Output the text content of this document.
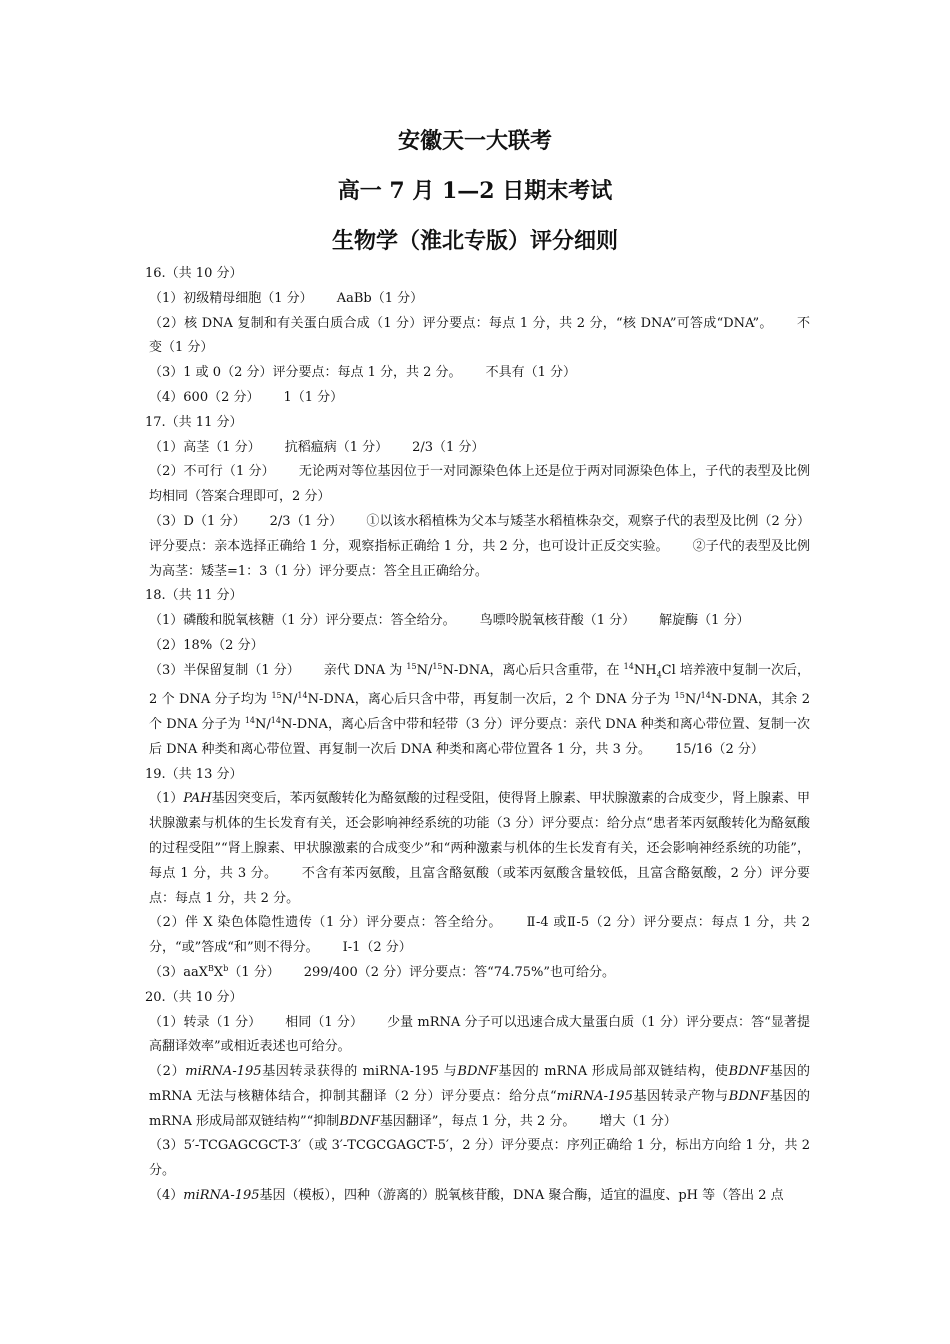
安徽天一大联考

高一 7 月 1—2 日期末考试

生物学（淮北专版）评分细则

16.（共 10 分）

（1）初级精母细胞（1 分） AaBb（1 分）

（2）核 DNA 复制和有关蛋白质合成（1 分）评分要点：每点 1 分，共 2 分，“核 DNA”可答成“DNA”。 不变（1 分）

（3）1 或 0（2 分）评分要点：每点 1 分，共 2 分。 不具有（1 分）

（4）600（2 分） 1（1 分）

17.（共 11 分）

（1）高茎（1 分） 抗稻瘟病（1 分） 2/3（1 分）

（2）不可行（1 分） 无论两对等位基因位于一对同源染色体上还是位于两对同源染色体上，子代的表型及比例均相同（答案合理即可，2 分）

（3）D（1 分） 2/3（1 分） ①以该水稻植株为父本与矮茎水稻植株杂交，观察子代的表型及比例（2 分）评分要点：亲本选择正确给 1 分，观察指标正确给 1 分，共 2 分，也可设计正反交实验。 ②子代的表型及比例为高茎：矮茎=1：3（1 分）评分要点：答全且正确给分。

18.（共 11 分）

（1）磷酸和脱氧核糖（1 分）评分要点：答全给分。 鸟嘌呤脱氧核苷酸（1 分） 解旋酶（1 分）

（2）18%（2 分）

（3）半保留复制（1 分） 亲代 DNA 为 $^{15}$N/$^{15}$N-DNA，离心后只含重带，在 $^{14}NH_4Cl$ 培养液中复制一次后，2 个 DNA 分子均为 $^{15}$N/$^{14}$N-DNA，离心后只含中带，再复制一次后，2 个 DNA 分子为 $^{15}$N/$^{14}$N-DNA，其余 2 个 DNA 分子为 $^{14}$N/$^{14}$N-DNA，离心后含中带和轻带（3 分）评分要点：亲代 DNA 种类和离心带位置、复制一次后 DNA 种类和离心带位置、再复制一次后 DNA 种类和离心带位置各 1 分，共 3 分。 15/16（2 分）

19.（共 13 分）

（1）PAH基因突变后，苯丙氨酸转化为酪氨酸的过程受阻，使得肾上腺素、甲状腺激素的合成变少，肾上腺素、甲状腺激素与机体的生长发育有关，还会影响神经系统的功能（3 分）评分要点：给分点“患者苯丙氨酸转化为酪氨酸的过程受阻”“肾上腺素、甲状腺激素的合成变少”和“两种激素与机体的生长发育有关，还会影响神经系统的功能”，每点 1 分，共 3 分。 不含有苯丙氨酸，且富含酪氨酸（或苯丙氨酸含量较低，且富含酪氨酸，2 分）评分要点：每点 1 分，共 2 分。

（2）伴 X 染色体隐性遗传（1 分）评分要点：答全给分。 Ⅱ-4 或Ⅱ-5（2 分）评分要点：每点 1 分，共 2 分，“或”答成“和”则不得分。 Ⅰ-1（2 分）

$(3)aaX^BX^b(1$ 分） 299/400（2 分）评分要点：答“74.75%”也可给分。

20.（共 10 分）

（1）转录（1 分） 相同（1 分） 少量 mRNA 分子可以迅速合成大量蛋白质（1 分）评分要点：答“显著提高翻译效率”或相近表述也可给分。

（2）miRNA-195基因转录获得的 miRNA-195 与BDNF基因的 mRNA 形成局部双链结构，使BDNF基因的 mRNA 无法与核糖体结合，抑制其翻译（2 分）评分要点：给分点“miRNA-195基因转录产物与BDNF基因的 mRNA 形成局部双链结构”“抑制BDNF基因翻译”，每点 1 分，共 2 分。 增大（1 分）

（3）5′-TCGAGCGCT-3′（或 3′-TCGCGAGCT-5′，2 分）评分要点：序列正确给 1 分，标出方向给 1 分，共 2 分。

（4）miRNA-195基因（模板），四种（游离的）脱氧核苷酸，DNA 聚合酶，适宜的温度、pH 等（答出 2 点
